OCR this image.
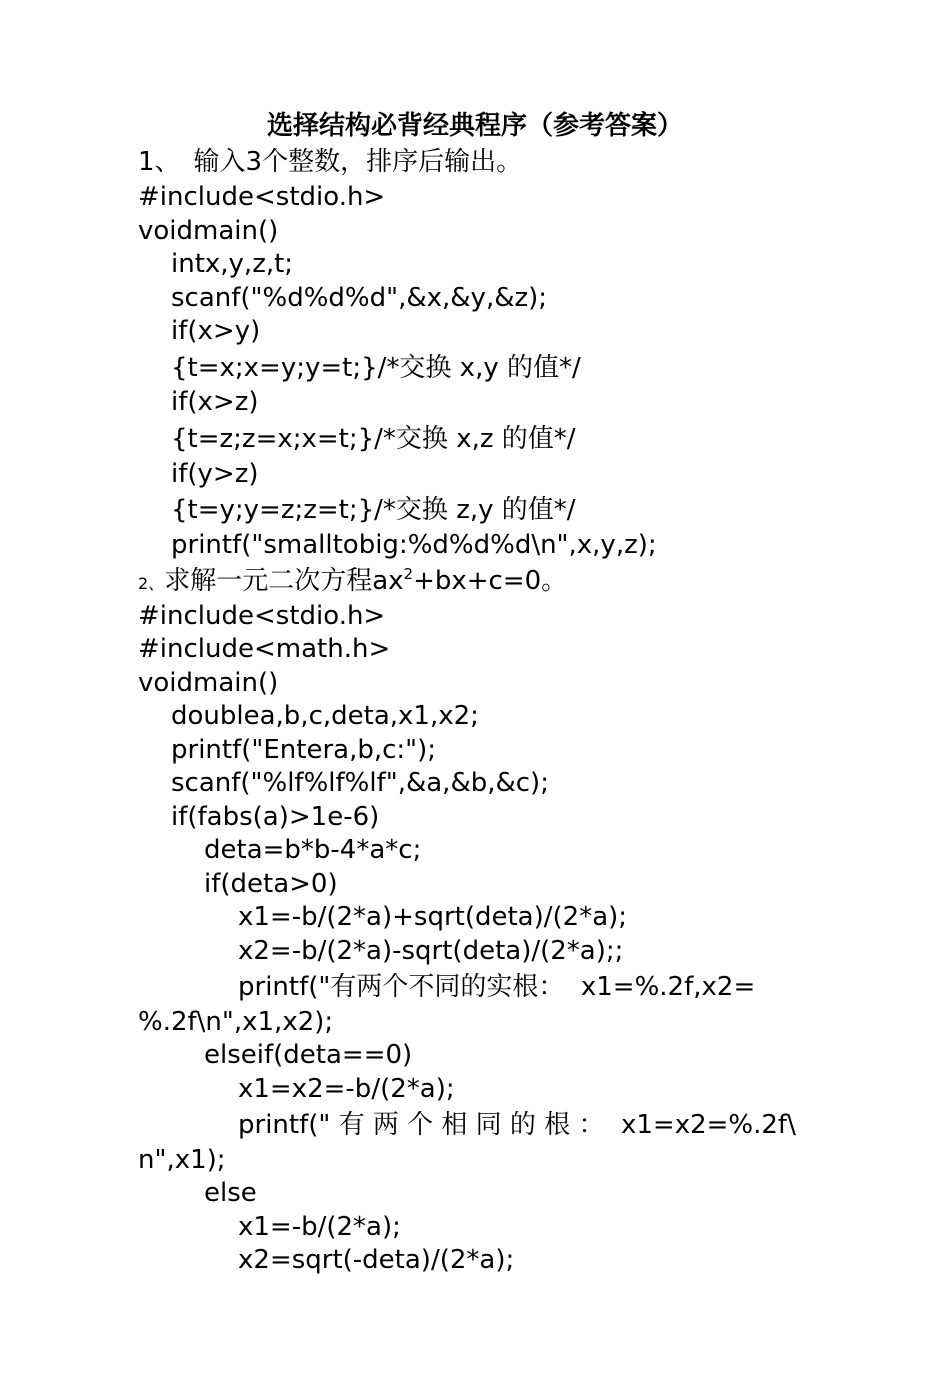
选择结构必背经典程序（参考答案）
1、　输入3个整数，排序后输出。
#include<stdio.h>
voidmain()
intx,y,z,t;
scanf("%d%d%d",&x,&y,&z);
if(x>y)
{t=x;x=y;y=t;}/*交换 x,y 的值*/
if(x>z)
{t=z;z=x;x=t;}/*交换 x,z 的值*/
if(y>z)
{t=y;y=z;z=t;}/*交换 z,y 的值*/
printf("smalltobig:%d%d%d\n",x,y,z);
2、求解一元二次方程$ax^2+bx+c=0$。
#include<stdio.h>
#include<math.h>
voidmain()
doublea,b,c,deta,x1,x2;
printf("Entera,b,c:");
scanf("%lf%lf%lf",&a,&b,&c);
if(fabs(a)>1e-6)
deta=b*b-4*a*c;
if(deta>0)
x1=-b/(2*a)+sqrt(deta)/(2*a);
x2=-b/(2*a)-sqrt(deta)/(2*a);;
printf("有两个不同的实根：  x1=%.2f,x2=
%.2f\n",x1,x2);
elseif(deta==0)
x1=x2=-b/(2*a);
printf(" 有 两 个 相 同 的 根 ：  x1=x2=%.2f\
n",x1);
else
x1=-b/(2*a);
x2=sqrt(-deta)/(2*a);
